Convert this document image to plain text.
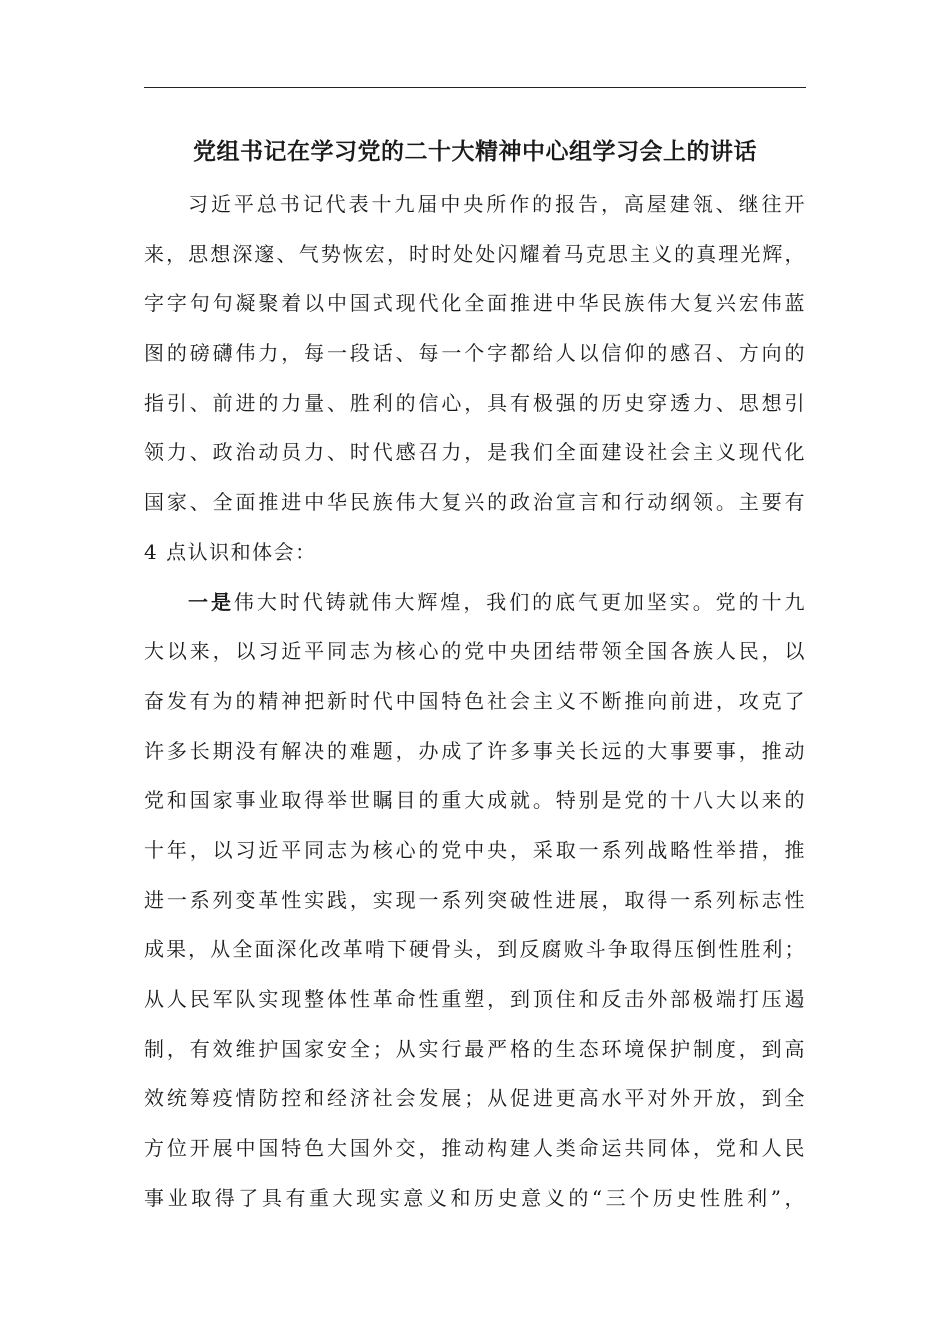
党组书记在学习党的二十大精神中心组学习会上的讲话

习近平总书记代表十九届中央所作的报告，高屋建瓴、继往开
来，思想深邃、气势恢宏，时时处处闪耀着马克思主义的真理光辉，
字字句句凝聚着以中国式现代化全面推进中华民族伟大复兴宏伟蓝
图的磅礴伟力，每一段话、每一个字都给人以信仰的感召、方向的
指引、前进的力量、胜利的信心，具有极强的历史穿透力、思想引
领力、政治动员力、时代感召力，是我们全面建设社会主义现代化
国家、全面推进中华民族伟大复兴的政治宣言和行动纲领。主要有
4 点认识和体会：

一是伟大时代铸就伟大辉煌，我们的底气更加坚实。党的十九
大以来，以习近平同志为核心的党中央团结带领全国各族人民，以
奋发有为的精神把新时代中国特色社会主义不断推向前进，攻克了
许多长期没有解决的难题，办成了许多事关长远的大事要事，推动
党和国家事业取得举世瞩目的重大成就。特别是党的十八大以来的
十年，以习近平同志为核心的党中央，采取一系列战略性举措，推
进一系列变革性实践，实现一系列突破性进展，取得一系列标志性
成果，从全面深化改革啃下硬骨头，到反腐败斗争取得压倒性胜利；
从人民军队实现整体性革命性重塑，到顶住和反击外部极端打压遏
制，有效维护国家安全；从实行最严格的生态环境保护制度，到高
效统筹疫情防控和经济社会发展；从促进更高水平对外开放，到全
方位开展中国特色大国外交，推动构建人类命运共同体，党和人民
事业取得了具有重大现实意义和历史意义的“三个历史性胜利”，
